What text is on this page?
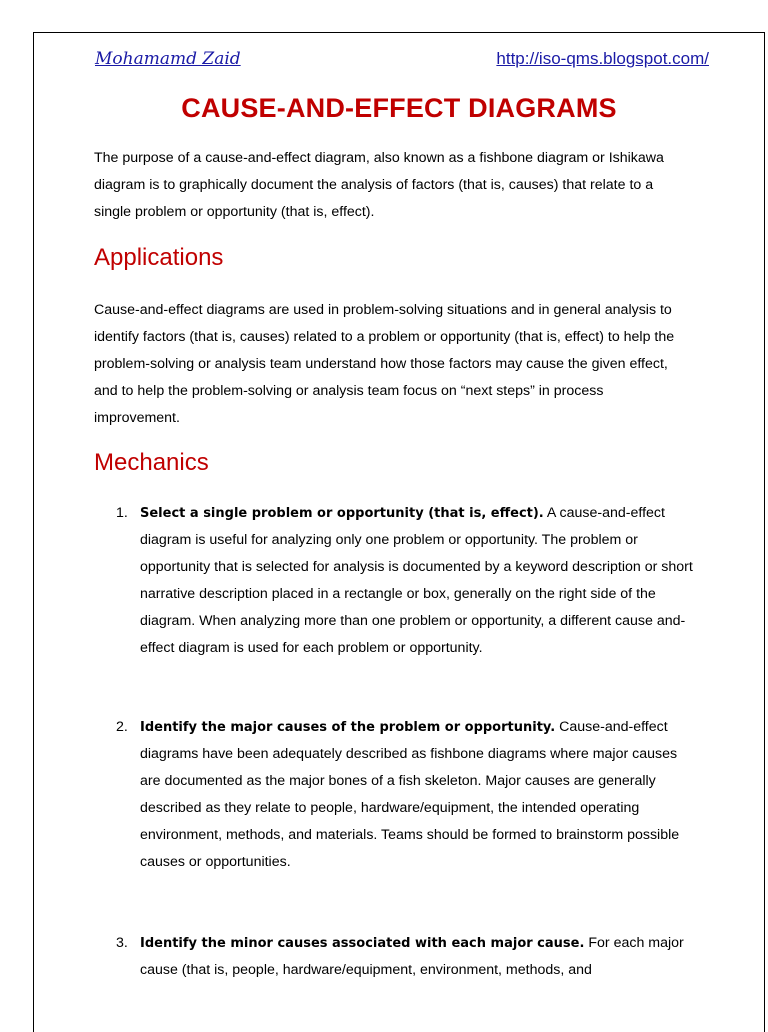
Mohamamd Zaid	http://iso-qms.blogspot.com/
CAUSE-AND-EFFECT DIAGRAMS

The purpose of a cause-and-effect diagram, also known as a fishbone diagram or Ishikawa diagram is to graphically document the analysis of factors (that is, causes) that relate to a single problem or opportunity (that is, effect).

Applications

Cause-and-effect diagrams are used in problem-solving situations and in general analysis to identify factors (that is, causes) related to a problem or opportunity (that is, effect) to help the problem-solving or analysis team understand how those factors may cause the given effect, and to help the problem-solving or analysis team focus on “next steps” in process improvement.

Mechanics
1. Select a single problem or opportunity (that is, effect). A cause-and-effect diagram is useful for analyzing only one problem or opportunity. The problem or opportunity that is selected for analysis is documented by a keyword description or short narrative description placed in a rectangle or box, generally on the right side of the diagram. When analyzing more than one problem or opportunity, a different cause and- effect diagram is used for each problem or opportunity.
2. Identify the major causes of the problem or opportunity. Cause-and-effect diagrams have been adequately described as fishbone diagrams where major causes are documented as the major bones of a fish skeleton. Major causes are generally described as they relate to people, hardware/equipment, the intended operating environment, methods, and materials. Teams should be formed to brainstorm possible causes or opportunities.
3. Identify the minor causes associated with each major cause. For each major cause (that is, people, hardware/equipment, environment, methods, and
